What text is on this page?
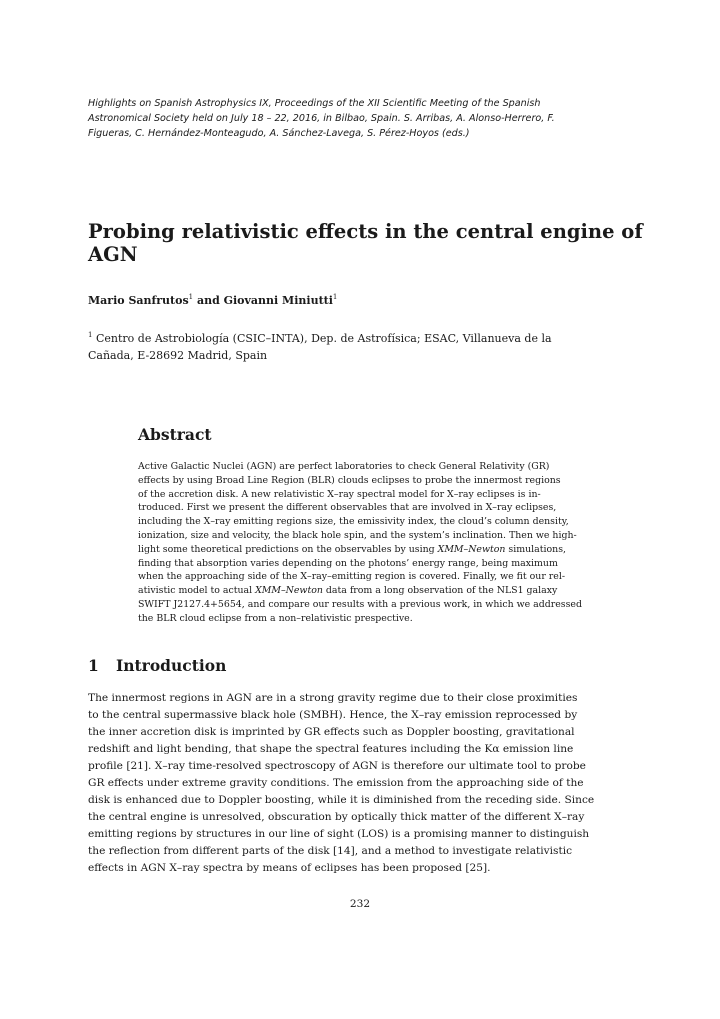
Highlights on Spanish Astrophysics IX, Proceedings of the XII Scientific Meeting of the Spanish
Astronomical Society held on July 18 – 22, 2016, in Bilbao, Spain. S. Arribas, A. Alonso-Herrero, F.
Figueras, C. Hernández-Monteagudo, A. Sánchez-Lavega, S. Pérez-Hoyos (eds.)
Probing relativistic effects in the central engine of
AGN
Mario Sanfrutos$^1$ and Giovanni Miniutti$^1$
$^1$ Centro de Astrobiología (CSIC–INTA), Dep. de Astrofísica; ESAC, Villanueva de la
Cañada, E-28692 Madrid, Spain
Abstract
Active Galactic Nuclei (AGN) are perfect laboratories to check General Relativity (GR)
effects by using Broad Line Region (BLR) clouds eclipses to probe the innermost regions
of the accretion disk. A new relativistic X–ray spectral model for X–ray eclipses is in-
troduced. First we present the different observables that are involved in X–ray eclipses,
including the X–ray emitting regions size, the emissivity index, the cloud’s column density,
ionization, size and velocity, the black hole spin, and the system’s inclination. Then we high-
light some theoretical predictions on the observables by using XMM–Newton simulations,
finding that absorption varies depending on the photons’ energy range, being maximum
when the approaching side of the X–ray–emitting region is covered. Finally, we fit our rel-
ativistic model to actual XMM–Newton data from a long observation of the NLS1 galaxy
SWIFT J2127.4+5654, and compare our results with a previous work, in which we addressed
the BLR cloud eclipse from a non–relativistic prespective.
1 Introduction
The innermost regions in AGN are in a strong gravity regime due to their close proximities
to the central supermassive black hole (SMBH). Hence, the X–ray emission reprocessed by
the inner accretion disk is imprinted by GR effects such as Doppler boosting, gravitational
redshift and light bending, that shape the spectral features including the Kα emission line
profile [21]. X–ray time-resolved spectroscopy of AGN is therefore our ultimate tool to probe
GR effects under extreme gravity conditions. The emission from the approaching side of the
disk is enhanced due to Doppler boosting, while it is diminished from the receding side. Since
the central engine is unresolved, obscuration by optically thick matter of the different X–ray
emitting regions by structures in our line of sight (LOS) is a promising manner to distinguish
the reflection from different parts of the disk [14], and a method to investigate relativistic
effects in AGN X–ray spectra by means of eclipses has been proposed [25].
232
